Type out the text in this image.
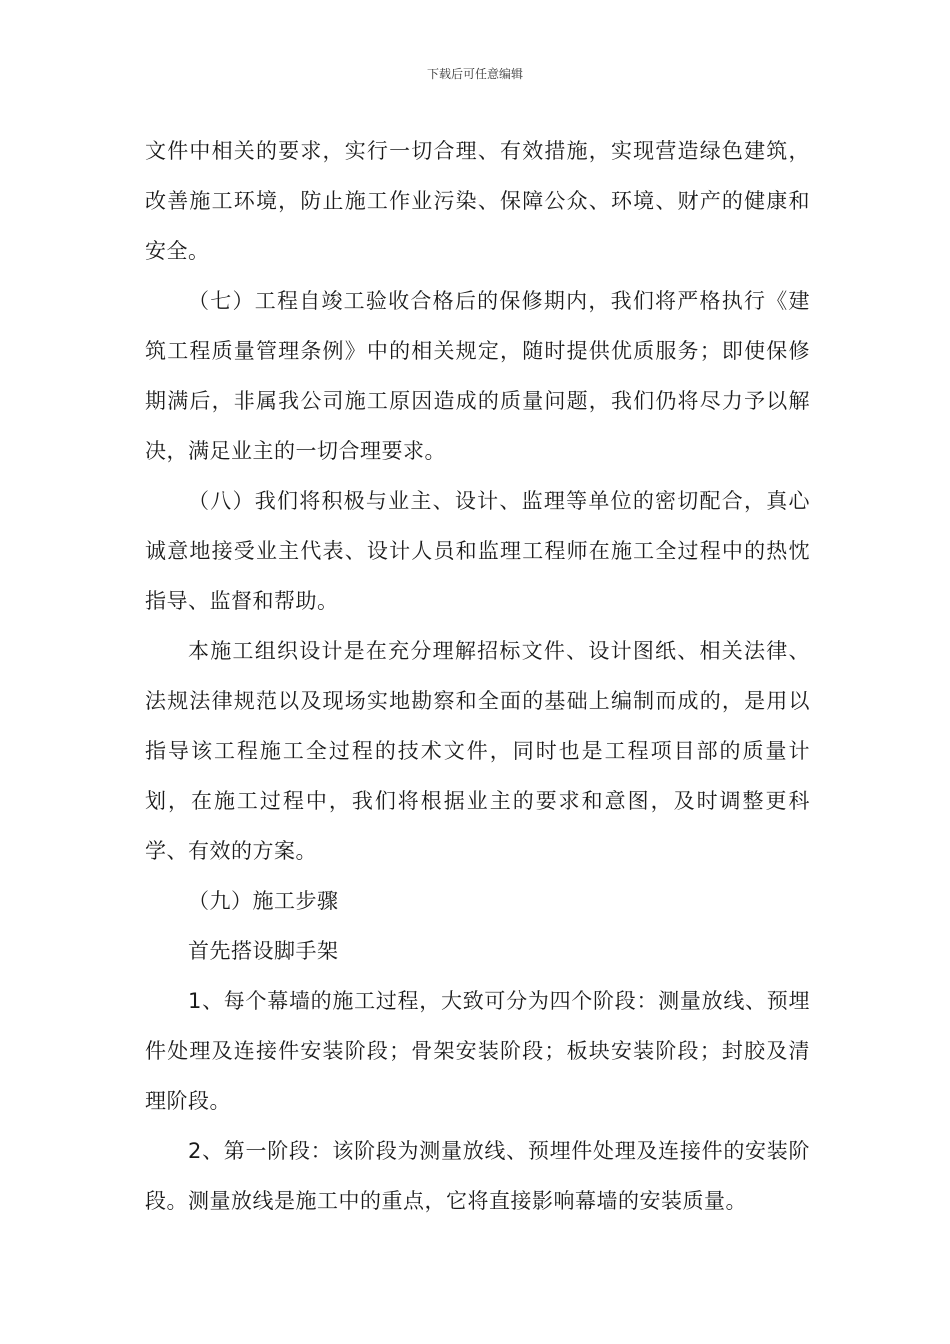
下载后可任意编辑

文件中相关的要求，实行一切合理、有效措施，实现营造绿色建筑，改善施工环境，防止施工作业污染、保障公众、环境、财产的健康和安全。

（七）工程自竣工验收合格后的保修期内，我们将严格执行《建筑工程质量管理条例》中的相关规定，随时提供优质服务；即使保修期满后，非属我公司施工原因造成的质量问题，我们仍将尽力予以解决，满足业主的一切合理要求。

（八）我们将积极与业主、设计、监理等单位的密切配合，真心诚意地接受业主代表、设计人员和监理工程师在施工全过程中的热忱指导、监督和帮助。

本施工组织设计是在充分理解招标文件、设计图纸、相关法律、法规法律规范以及现场实地勘察和全面的基础上编制而成的，是用以指导该工程施工全过程的技术文件，同时也是工程项目部的质量计划，在施工过程中，我们将根据业主的要求和意图，及时调整更科学、有效的方案。

（九）施工步骤

首先搭设脚手架

1、每个幕墙的施工过程，大致可分为四个阶段：测量放线、预埋件处理及连接件安装阶段；骨架安装阶段；板块安装阶段；封胶及清理阶段。

2、第一阶段：该阶段为测量放线、预埋件处理及连接件的安装阶段。测量放线是施工中的重点，它将直接影响幕墙的安装质量。
